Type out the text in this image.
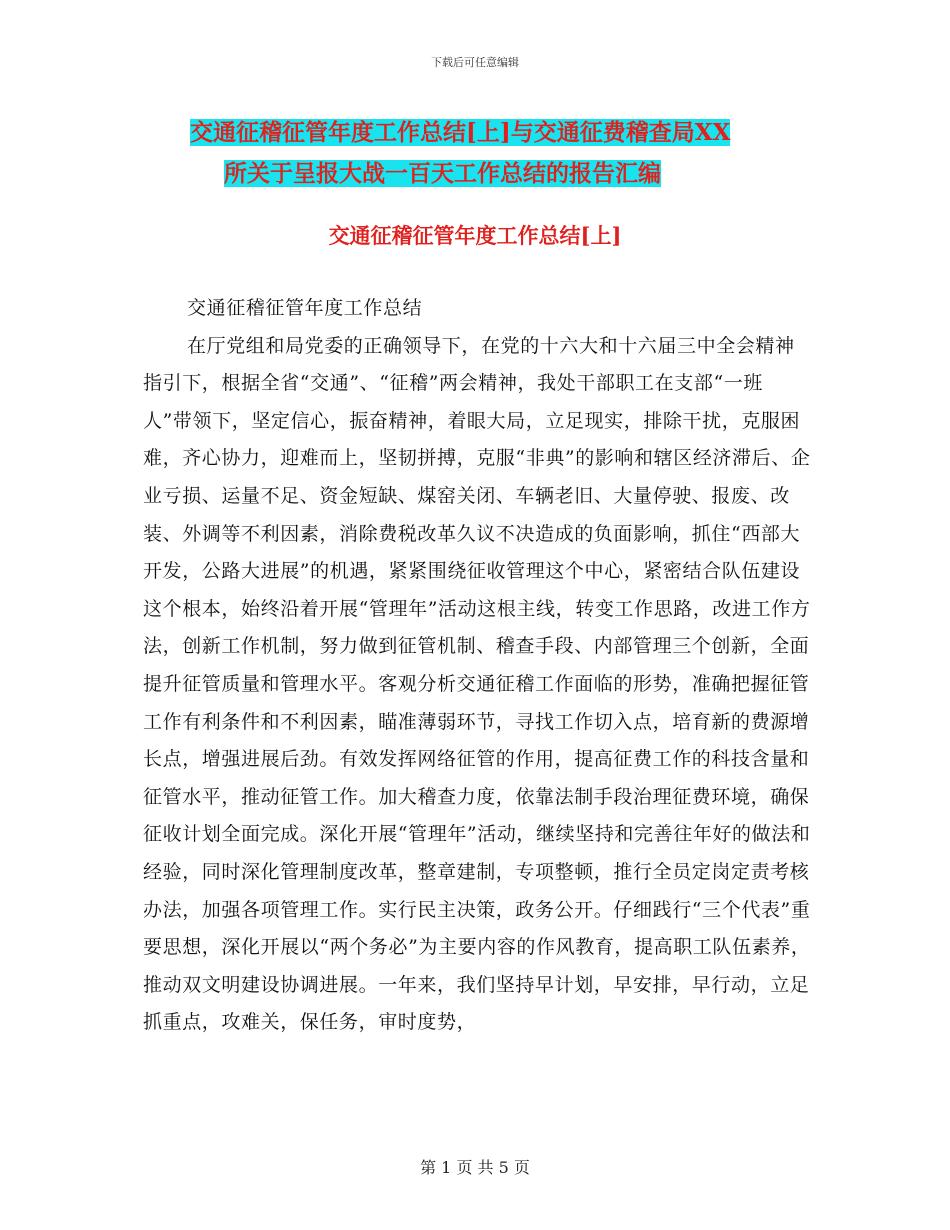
下载后可任意编辑
交通征稽征管年度工作总结[上]与交通征费稽查局XX
所关于呈报大战一百天工作总结的报告汇编
交通征稽征管年度工作总结[上]

交通征稽征管年度工作总结

在厅党组和局党委的正确领导下，在党的十六大和十六届三中全会精神指引下，根据全省“交通”、“征稽”两会精神，我处干部职工在支部“一班人”带领下，坚定信心，振奋精神，着眼大局，立足现实，排除干扰，克服困难，齐心协力，迎难而上，坚韧拼搏，克服“非典”的影响和辖区经济滞后、企业亏损、运量不足、资金短缺、煤窑关闭、车辆老旧、大量停驶、报废、改装、外调等不利因素，消除费税改革久议不决造成的负面影响，抓住“西部大开发，公路大进展”的机遇，紧紧围绕征收管理这个中心，紧密结合队伍建设这个根本，始终沿着开展“管理年”活动这根主线，转变工作思路，改进工作方法，创新工作机制，努力做到征管机制、稽查手段、内部管理三个创新，全面提升征管质量和管理水平。客观分析交通征稽工作面临的形势，准确把握征管工作有利条件和不利因素，瞄准薄弱环节，寻找工作切入点，培育新的费源增长点，增强进展后劲。有效发挥网络征管的作用，提高征费工作的科技含量和征管水平，推动征管工作。加大稽查力度，依靠法制手段治理征费环境，确保征收计划全面完成。深化开展“管理年”活动，继续坚持和完善往年好的做法和经验，同时深化管理制度改革，整章建制，专项整顿，推行全员定岗定责考核办法，加强各项管理工作。实行民主决策，政务公开。仔细践行“三个代表”重要思想，深化开展以“两个务必”为主要内容的作风教育，提高职工队伍素养，推动双文明建设协调进展。一年来，我们坚持早计划，早安排，早行动，立足抓重点，攻难关，保任务，审时度势，

第 1 页 共 5 页
